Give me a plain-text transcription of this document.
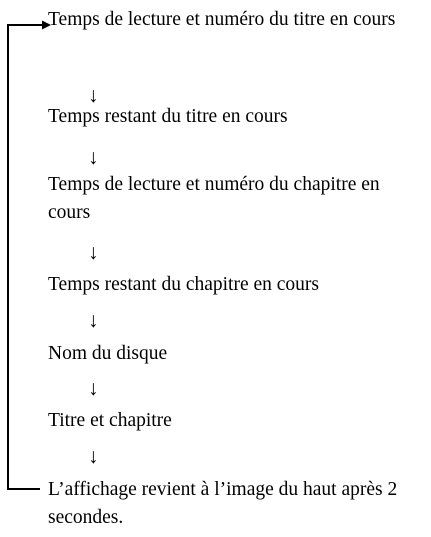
Temps de lecture et numéro du titre en cours
↓
Temps restant du titre en cours
↓
Temps de lecture et numéro du chapitre en cours
↓
Temps restant du chapitre en cours
↓
Nom du disque
↓
Titre et chapitre
↓
L’affichage revient à l’image du haut après 2 secondes.
